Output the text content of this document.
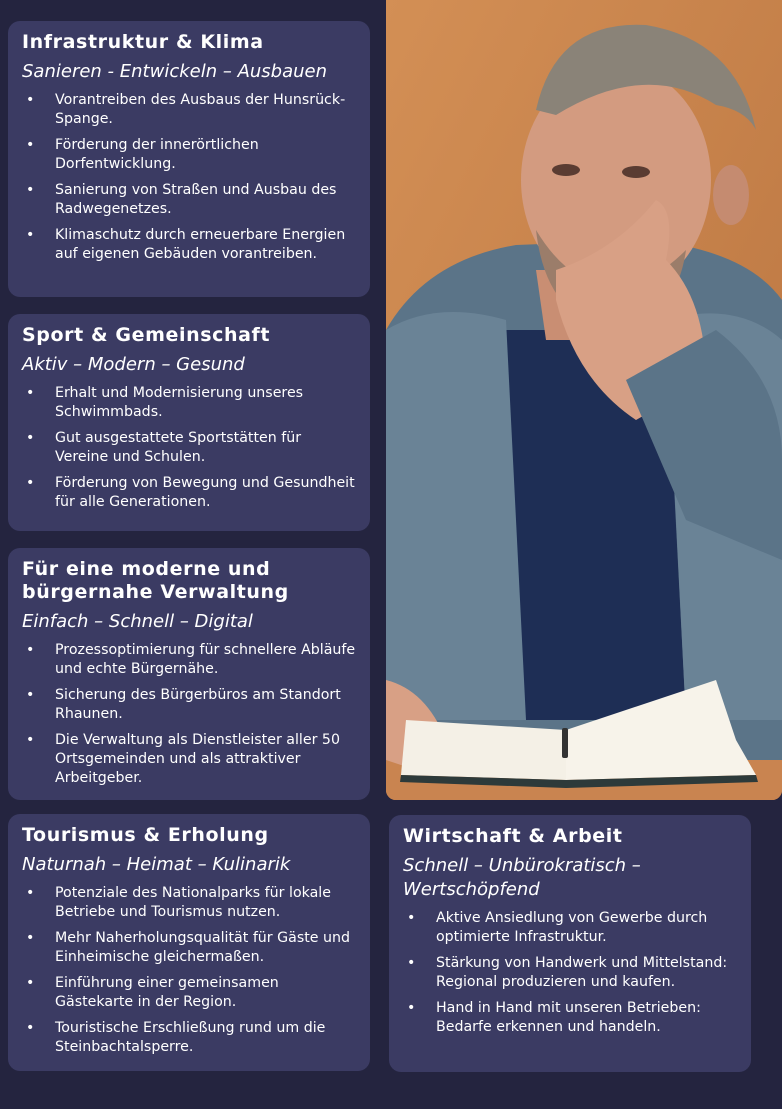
Infrastruktur & Klima
Sanieren - Entwickeln – Ausbauen
• Vorantreiben des Ausbaus der Hunsrück-Spange.
• Förderung der innerörtlichen Dorfentwicklung.
• Sanierung von Straßen und Ausbau des Radwegenetzes.
• Klimaschutz durch erneuerbare Energien auf eigenen Gebäuden vorantreiben.
Sport & Gemeinschaft
Aktiv – Modern – Gesund
• Erhalt und Modernisierung unseres Schwimmbads.
• Gut ausgestattete Sportstätten für Vereine und Schulen.
• Förderung von Bewegung und Gesundheit für alle Generationen.
Für eine moderne und bürgernahe Verwaltung
Einfach – Schnell – Digital
• Prozessoptimierung für schnellere Abläufe und echte Bürgernähe.
• Sicherung des Bürgerbüros am Standort Rhaunen.
• Die Verwaltung als Dienstleister aller 50 Ortsgemeinden und als attraktiver Arbeitgeber.
Tourismus & Erholung
Naturnah – Heimat – Kulinarik
• Potenziale des Nationalparks für lokale Betriebe und Tourismus nutzen.
• Mehr Naherholungsqualität für Gäste und Einheimische gleichermaßen.
• Einführung einer gemeinsamen Gästekarte in der Region.
• Touristische Erschließung rund um die Steinbachtalsperre.
Wirtschaft & Arbeit
Schnell – Unbürokratisch – Wertschöpfend
• Aktive Ansiedlung von Gewerbe durch optimierte Infrastruktur.
• Stärkung von Handwerk und Mittelstand: Regional produzieren und kaufen.
• Hand in Hand mit unseren Betrieben: Bedarfe erkennen und handeln.
